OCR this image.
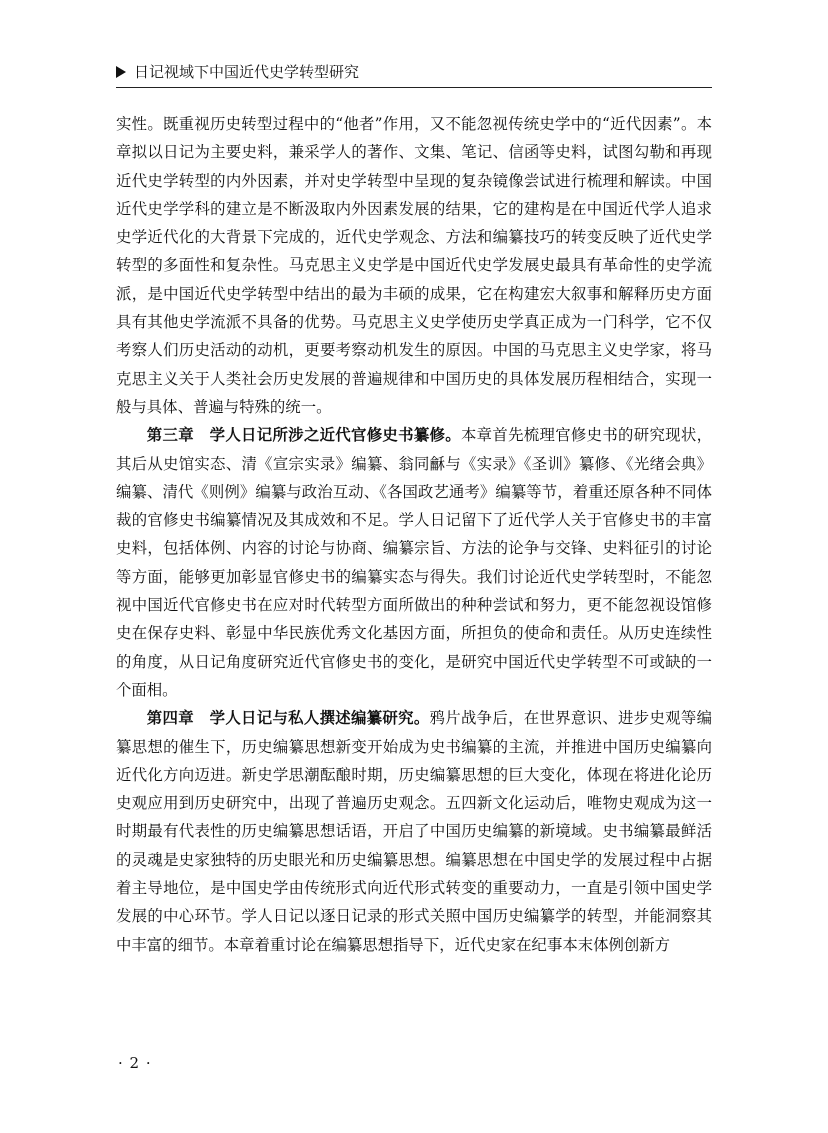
日记视域下中国近代史学转型研究

实性。既重视历史转型过程中的“他者”作用，又不能忽视传统史学中的“近代因素”。本章拟以日记为主要史料，兼采学人的著作、文集、笔记、信函等史料，试图勾勒和再现近代史学转型的内外因素，并对史学转型中呈现的复杂镜像尝试进行梳理和解读。中国近代史学学科的建立是不断汲取内外因素发展的结果，它的建构是在中国近代学人追求史学近代化的大背景下完成的，近代史学观念、方法和编纂技巧的转变反映了近代史学转型的多面性和复杂性。马克思主义史学是中国近代史学发展史最具有革命性的史学流派，是中国近代史学转型中结出的最为丰硕的成果，它在构建宏大叙事和解释历史方面具有其他史学流派不具备的优势。马克思主义史学使历史学真正成为一门科学，它不仅考察人们历史活动的动机，更要考察动机发生的原因。中国的马克思主义史学家，将马克思主义关于人类社会历史发展的普遍规律和中国历史的具体发展历程相结合，实现一般与具体、普遍与特殊的统一。

第三章　学人日记所涉之近代官修史书纂修。本章首先梳理官修史书的研究现状，其后从史馆实态、清《宣宗实录》编纂、翁同龢与《实录》《圣训》纂修、《光绪会典》编纂、清代《则例》编纂与政治互动、《各国政艺通考》编纂等节，着重还原各种不同体裁的官修史书编纂情况及其成效和不足。学人日记留下了近代学人关于官修史书的丰富史料，包括体例、内容的讨论与协商、编纂宗旨、方法的论争与交锋、史料征引的讨论等方面，能够更加彰显官修史书的编纂实态与得失。我们讨论近代史学转型时，不能忽视中国近代官修史书在应对时代转型方面所做出的种种尝试和努力，更不能忽视设馆修史在保存史料、彰显中华民族优秀文化基因方面，所担负的使命和责任。从历史连续性的角度，从日记角度研究近代官修史书的变化，是研究中国近代史学转型不可或缺的一个面相。

第四章　学人日记与私人撰述编纂研究。鸦片战争后，在世界意识、进步史观等编纂思想的催生下，历史编纂思想新变开始成为史书编纂的主流，并推进中国历史编纂向近代化方向迈进。新史学思潮酝酿时期，历史编纂思想的巨大变化，体现在将进化论历史观应用到历史研究中，出现了普遍历史观念。五四新文化运动后，唯物史观成为这一时期最有代表性的历史编纂思想话语，开启了中国历史编纂的新境域。史书编纂最鲜活的灵魂是史家独特的历史眼光和历史编纂思想。编纂思想在中国史学的发展过程中占据着主导地位，是中国史学由传统形式向近代形式转变的重要动力，一直是引领中国史学发展的中心环节。学人日记以逐日记录的形式关照中国历史编纂学的转型，并能洞察其中丰富的细节。本章着重讨论在编纂思想指导下，近代史家在纪事本末体例创新方

· 2 ·
